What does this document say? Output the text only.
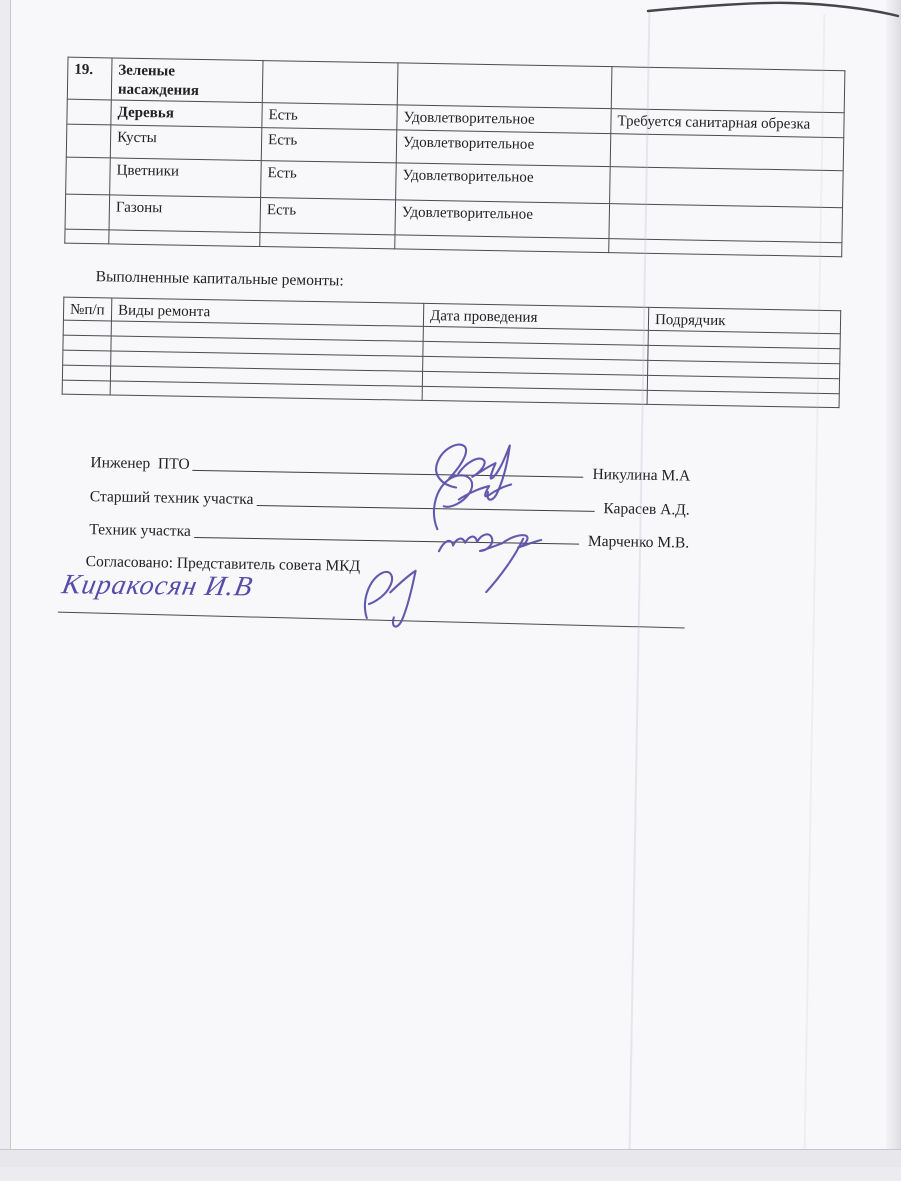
19.	Зеленые насаждения			
	Деревья	Есть	Удовлетворительное	Требуется санитарная обрезка
	Кусты	Есть	Удовлетворительное	
	Цветники	Есть	Удовлетворительное	
	Газоны	Есть	Удовлетворительное	

Выполненные капитальные ремонты:
№п/п	Виды ремонта	Дата проведения	Подрядчик

Инженер  ПТО
Никулина М.А
Старший техник участка
Карасев А.Д.
Техник участка
Марченко М.В.
Согласовано: Представитель совета МКД
Киракосян И.В
